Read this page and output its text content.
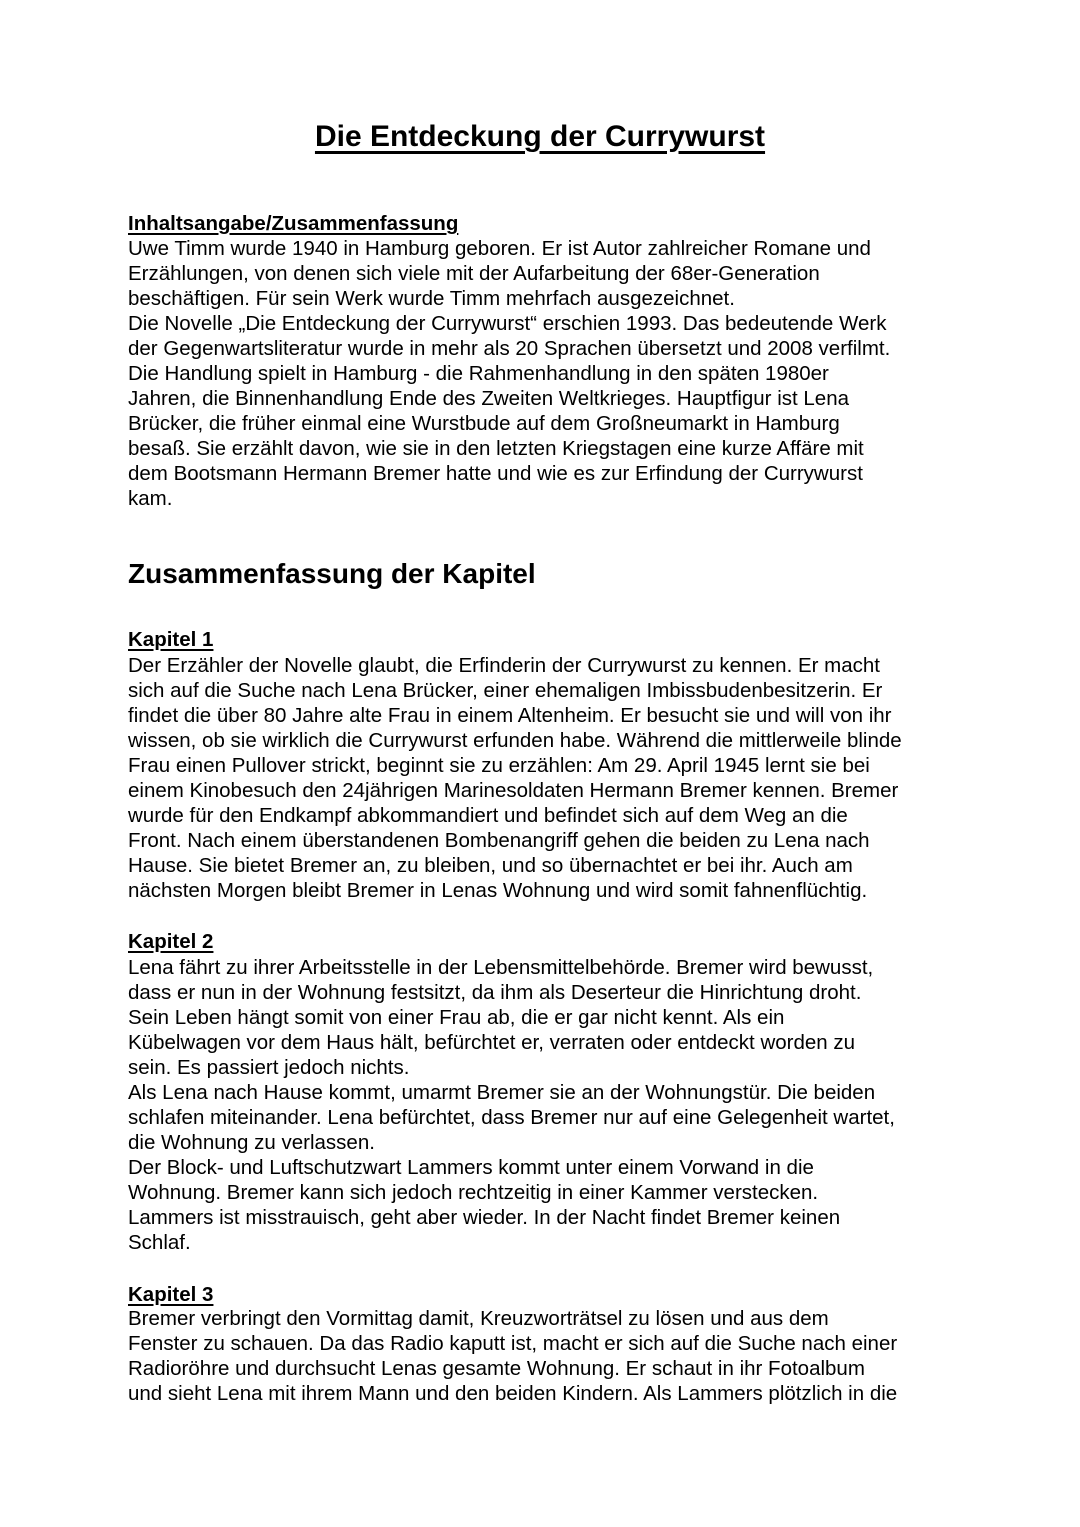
Die Entdeckung der Currywurst
Inhaltsangabe/Zusammenfassung
Uwe Timm wurde 1940 in Hamburg geboren. Er ist Autor zahlreicher Romane und
Erzählungen, von denen sich viele mit der Aufarbeitung der 68er-Generation
beschäftigen. Für sein Werk wurde Timm mehrfach ausgezeichnet.
Die Novelle „Die Entdeckung der Currywurst“ erschien 1993. Das bedeutende Werk
der Gegenwartsliteratur wurde in mehr als 20 Sprachen übersetzt und 2008 verfilmt.
Die Handlung spielt in Hamburg - die Rahmenhandlung in den späten 1980er
Jahren, die Binnenhandlung Ende des Zweiten Weltkrieges. Hauptfigur ist Lena
Brücker, die früher einmal eine Wurstbude auf dem Großneumarkt in Hamburg
besaß. Sie erzählt davon, wie sie in den letzten Kriegstagen eine kurze Affäre mit
dem Bootsmann Hermann Bremer hatte und wie es zur Erfindung der Currywurst
kam.
Zusammenfassung der Kapitel
Kapitel 1
Der Erzähler der Novelle glaubt, die Erfinderin der Currywurst zu kennen. Er macht
sich auf die Suche nach Lena Brücker, einer ehemaligen Imbissbudenbesitzerin. Er
findet die über 80 Jahre alte Frau in einem Altenheim. Er besucht sie und will von ihr
wissen, ob sie wirklich die Currywurst erfunden habe. Während die mittlerweile blinde
Frau einen Pullover strickt, beginnt sie zu erzählen: Am 29. April 1945 lernt sie bei
einem Kinobesuch den 24jährigen Marinesoldaten Hermann Bremer kennen. Bremer
wurde für den Endkampf abkommandiert und befindet sich auf dem Weg an die
Front. Nach einem überstandenen Bombenangriff gehen die beiden zu Lena nach
Hause. Sie bietet Bremer an, zu bleiben, und so übernachtet er bei ihr. Auch am
nächsten Morgen bleibt Bremer in Lenas Wohnung und wird somit fahnenflüchtig.
Kapitel 2
Lena fährt zu ihrer Arbeitsstelle in der Lebensmittelbehörde. Bremer wird bewusst,
dass er nun in der Wohnung festsitzt, da ihm als Deserteur die Hinrichtung droht.
Sein Leben hängt somit von einer Frau ab, die er gar nicht kennt. Als ein
Kübelwagen vor dem Haus hält, befürchtet er, verraten oder entdeckt worden zu
sein. Es passiert jedoch nichts.
Als Lena nach Hause kommt, umarmt Bremer sie an der Wohnungstür. Die beiden
schlafen miteinander. Lena befürchtet, dass Bremer nur auf eine Gelegenheit wartet,
die Wohnung zu verlassen.
Der Block- und Luftschutzwart Lammers kommt unter einem Vorwand in die
Wohnung. Bremer kann sich jedoch rechtzeitig in einer Kammer verstecken.
Lammers ist misstrauisch, geht aber wieder. In der Nacht findet Bremer keinen
Schlaf.
Kapitel 3
Bremer verbringt den Vormittag damit, Kreuzworträtsel zu lösen und aus dem
Fenster zu schauen. Da das Radio kaputt ist, macht er sich auf die Suche nach einer
Radioröhre und durchsucht Lenas gesamte Wohnung. Er schaut in ihr Fotoalbum
und sieht Lena mit ihrem Mann und den beiden Kindern. Als Lammers plötzlich in die
